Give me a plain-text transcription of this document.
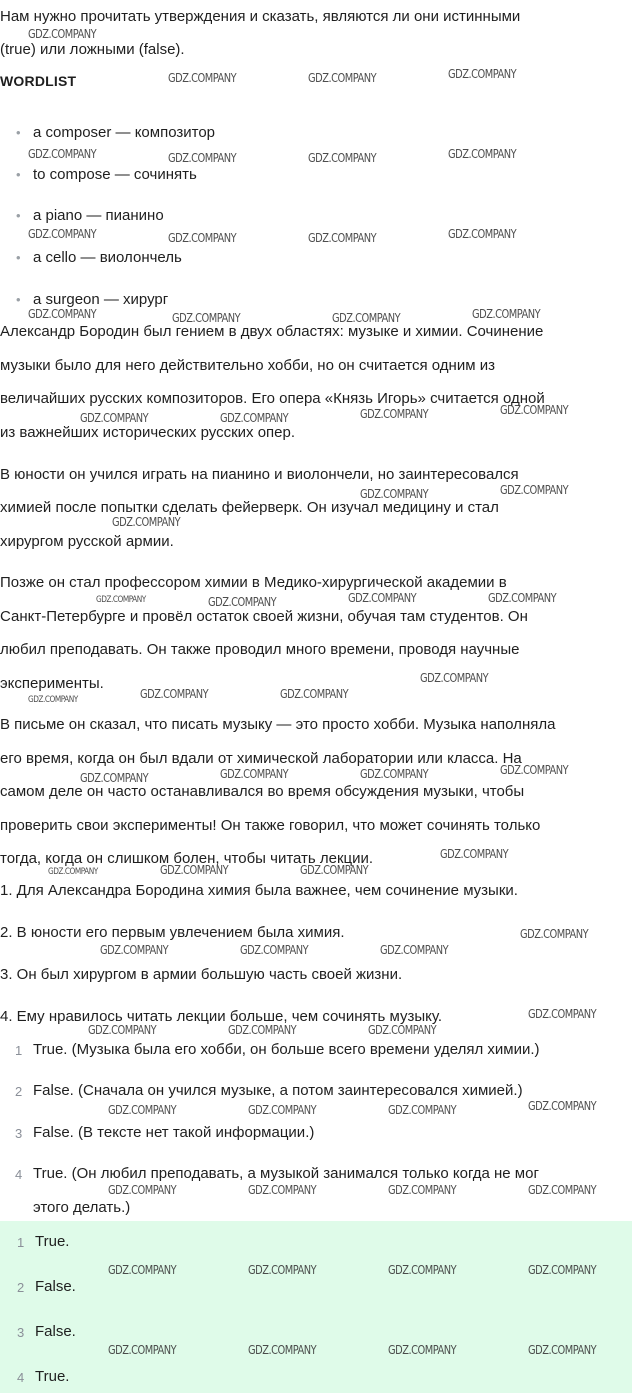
Нам нужно прочитать утверждения и сказать, являются ли они истинными
(true) или ложными (false).
WORDLIST
• a composer — композитор
• to compose — сочинять
• a piano — пианино
• a cello — виолончель
• a surgeon — хирург
Александр Бородин был гением в двух областях: музыке и химии. Сочинение
музыки было для него действительно хобби, но он считается одним из
величайших русских композиторов. Его опера «Князь Игорь» считается одной
из важнейших исторических русских опер.
В юности он учился играть на пианино и виолончели, но заинтересовался
химией после попытки сделать фейерверк. Он изучал медицину и стал
хирургом русской армии.
Позже он стал профессором химии в Медико-хирургической академии в
Санкт-Петербурге и провёл остаток своей жизни, обучая там студентов. Он
любил преподавать. Он также проводил много времени, проводя научные
эксперименты.
В письме он сказал, что писать музыку — это просто хобби. Музыка наполняла
его время, когда он был вдали от химической лаборатории или класса. На
самом деле он часто останавливался во время обсуждения музыки, чтобы
проверить свои эксперименты! Он также говорил, что может сочинять только
тогда, когда он слишком болен, чтобы читать лекции.
1. Для Александра Бородина химия была важнее, чем сочинение музыки.
2. В юности его первым увлечением была химия.
3. Он был хирургом в армии большую часть своей жизни.
4. Ему нравилось читать лекции больше, чем сочинять музыку.
1 True. (Музыка была его хобби, он больше всего времени уделял химии.)
2 False. (Сначала он учился музыке, а потом заинтересовался химией.)
3 False. (В тексте нет такой информации.)
4 True. (Он любил преподавать, а музыкой занимался только когда не мог
этого делать.)
1 True.
2 False.
3 False.
4 True.
GDZ.COMPANY
GDZ.COMPANY	GDZ.COMPANY	GDZ.COMPANY
GDZ.COMPANY	GDZ.COMPANY	GDZ.COMPANY	GDZ.COMPANY
GDZ.COMPANY	GDZ.COMPANY	GDZ.COMPANY	GDZ.COMPANY
GDZ.COMPANY	GDZ.COMPANY	GDZ.COMPANY	GDZ.COMPANY
GDZ.COMPANY	GDZ.COMPANY	GDZ.COMPANY	GDZ.COMPANY
GDZ.COMPANY	GDZ.COMPANY
GDZ.COMPANY
GDZ.COMPANY	GDZ.COMPANY	GDZ.COMPANY	GDZ.COMPANY
GDZ.COMPANY
GDZ.COMPANY	GDZ.COMPANY
GDZ.COMPANY
GDZ.COMPANY	GDZ.COMPANY	GDZ.COMPANY	GDZ.COMPANY
GDZ.COMPANY
GDZ.COMPANY	GDZ.COMPANY	GDZ.COMPANY
GDZ.COMPANY
GDZ.COMPANY	GDZ.COMPANY	GDZ.COMPANY
GDZ.COMPANY
GDZ.COMPANY	GDZ.COMPANY	GDZ.COMPANY
GDZ.COMPANY	GDZ.COMPANY	GDZ.COMPANY	GDZ.COMPANY
GDZ.COMPANY	GDZ.COMPANY	GDZ.COMPANY	GDZ.COMPANY
GDZ.COMPANY	GDZ.COMPANY	GDZ.COMPANY	GDZ.COMPANY
GDZ.COMPANY	GDZ.COMPANY	GDZ.COMPANY	GDZ.COMPANY
